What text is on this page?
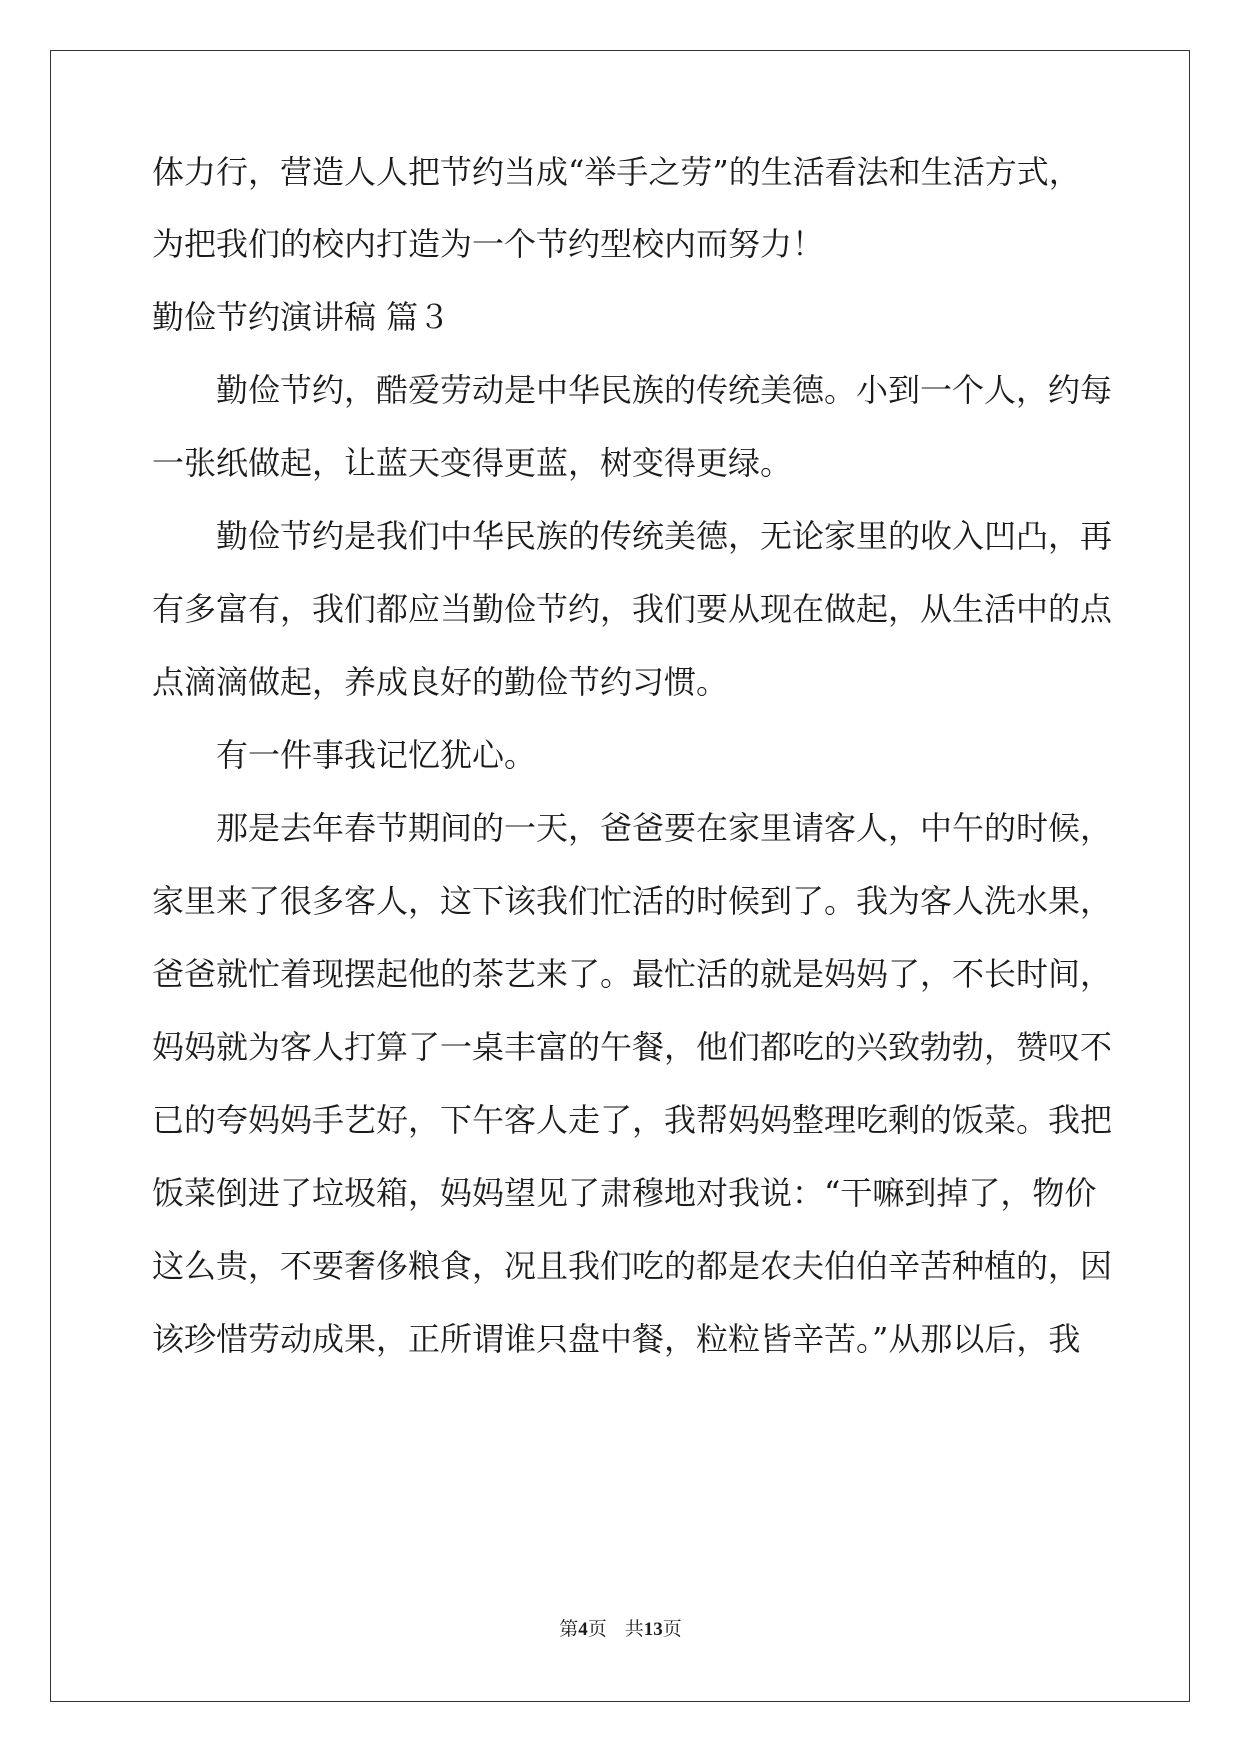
体力行，营造人人把节约当成“举手之劳”的生活看法和生活方式，
为把我们的校内打造为一个节约型校内而努力！
勤俭节约演讲稿 篇３
勤俭节约，酷爱劳动是中华民族的传统美德。小到一个人，约每
一张纸做起，让蓝天变得更蓝，树变得更绿。
勤俭节约是我们中华民族的传统美德，无论家里的收入凹凸，再
有多富有，我们都应当勤俭节约，我们要从现在做起，从生活中的点
点滴滴做起，养成良好的勤俭节约习惯。
有一件事我记忆犹心。
那是去年春节期间的一天，爸爸要在家里请客人，中午的时候，
家里来了很多客人，这下该我们忙活的时候到了。我为客人洗水果，
爸爸就忙着现摆起他的茶艺来了。最忙活的就是妈妈了，不长时间，
妈妈就为客人打算了一桌丰富的午餐，他们都吃的兴致勃勃，赞叹不
已的夸妈妈手艺好，下午客人走了，我帮妈妈整理吃剩的饭菜。我把
饭菜倒进了垃圾箱，妈妈望见了肃穆地对我说：“干嘛到掉了，物价
这么贵，不要奢侈粮食，况且我们吃的都是农夫伯伯辛苦种植的，因
该珍惜劳动成果，正所谓谁只盘中餐，粒粒皆辛苦。”从那以后，我
第4页 共13页
